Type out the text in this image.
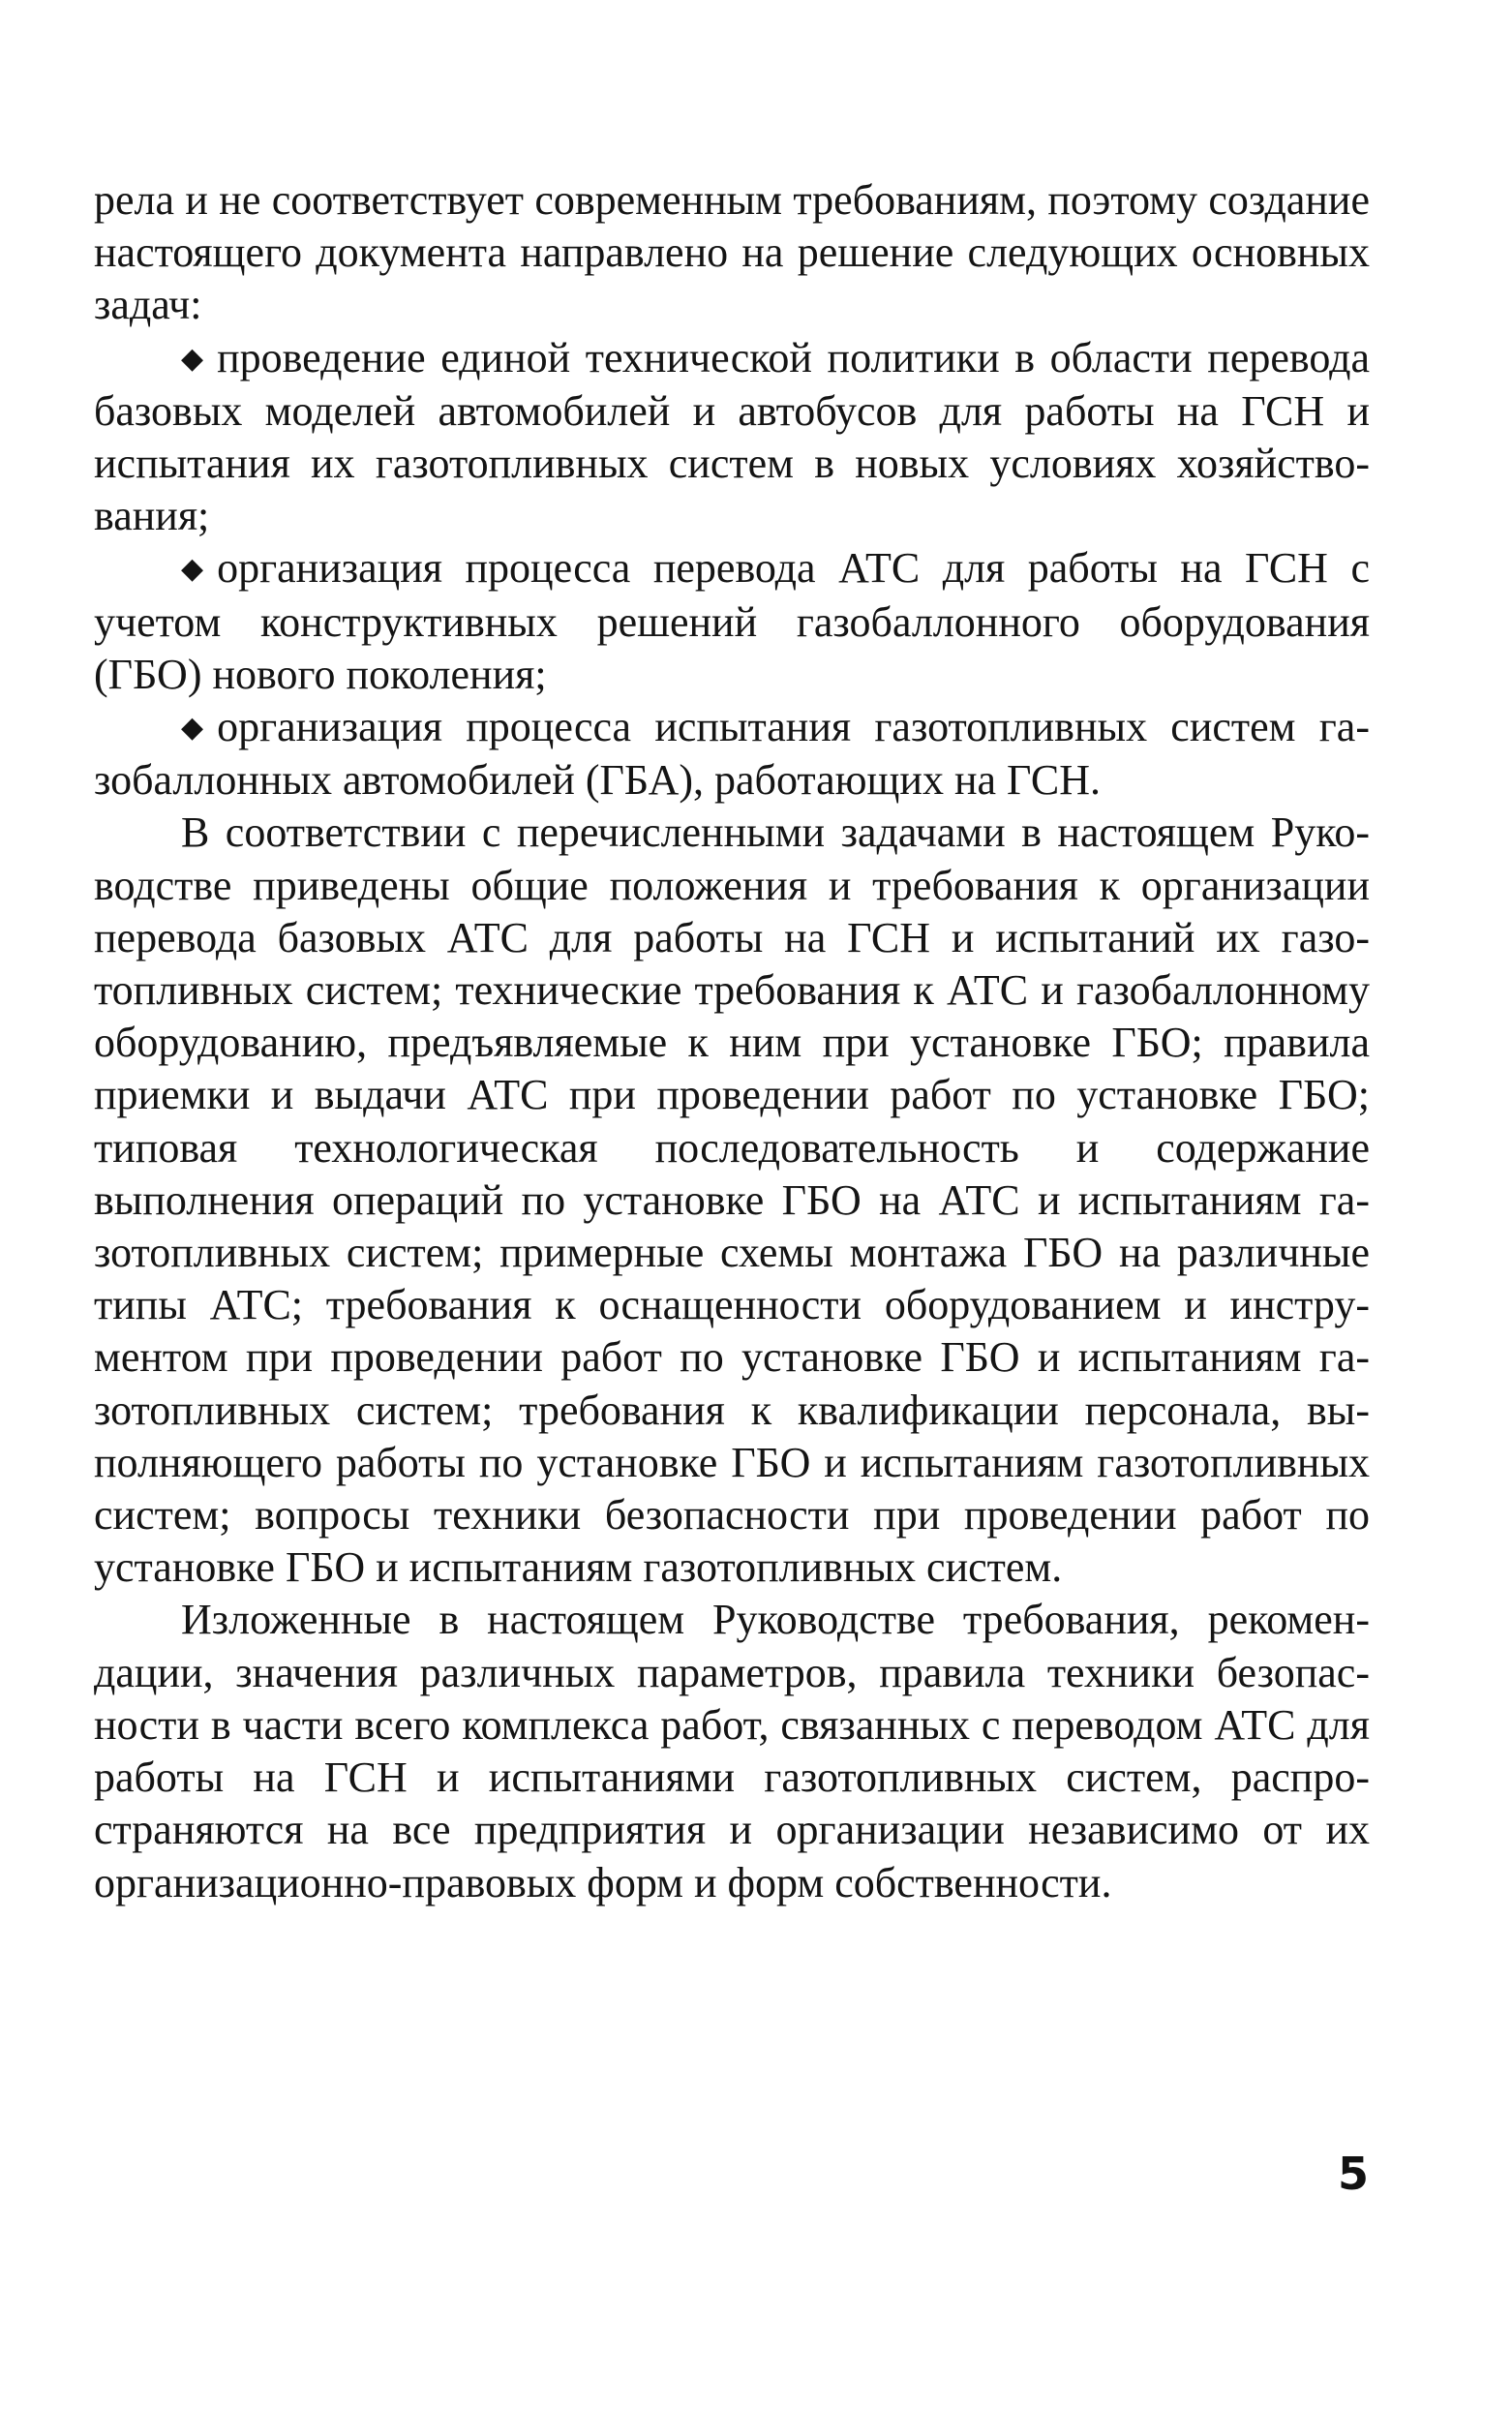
рела и не соответствует современным требованиям, поэтому создание настоящего документа направлено на решение следующих основных задач:

◆ проведение единой технической политики в области перевода базовых моделей автомобилей и автобусов для работы на ГСН и испытания их газотопливных систем в новых условиях хозяйствования;

◆ организация процесса перевода АТС для работы на ГСН с учетом конструктивных решений газобаллонного оборудования (ГБО) нового поколения;

◆ организация процесса испытания газотопливных систем газобаллонных автомобилей (ГБА), работающих на ГСН.

В соответствии с перечисленными задачами в настоящем Руководстве приведены общие положения и требования к организации перевода базовых АТС для работы на ГСН и испытаний их газотопливных систем; технические требования к АТС и газобаллонному оборудованию, предъявляемые к ним при установке ГБО; правила приемки и выдачи АТС при проведении работ по установке ГБО; типовая технологическая последовательность и содержание выполнения операций по установке ГБО на АТС и испытаниям газотопливных систем; примерные схемы монтажа ГБО на различные типы АТС; требования к оснащенности оборудованием и инструментом при проведении работ по установке ГБО и испытаниям газотопливных систем; требования к квалификации персонала, выполняющего работы по установке ГБО и испытаниям газотопливных систем; вопросы техники безопасности при проведении работ по установке ГБО и испытаниям газотопливных систем.

Изложенные в настоящем Руководстве требования, рекомендации, значения различных параметров, правила техники безопасности в части всего комплекса работ, связанных с переводом АТС для работы на ГСН и испытаниями газотопливных систем, распространяются на все предприятия и организации независимо от их организационно-правовых форм и форм собственности.

5
